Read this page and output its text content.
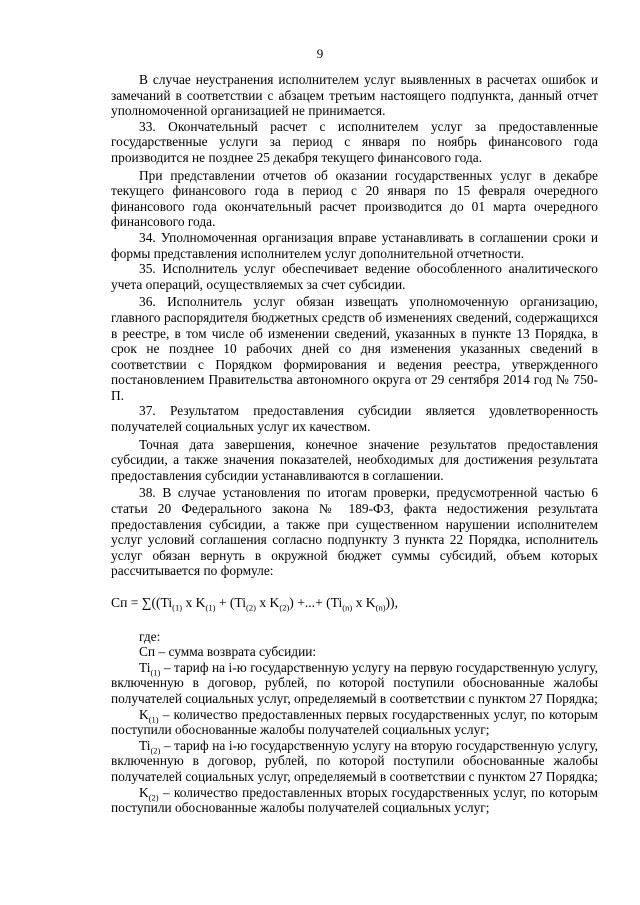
9

В случае неустранения исполнителем услуг выявленных в расчетах ошибок и замечаний в соответствии с абзацем третьим настоящего подпункта, данный отчет уполномоченной организацией не принимается.

33. Окончательный расчет с исполнителем услуг за предоставленные государственные услуги за период с января по ноябрь финансового года производится не позднее 25 декабря текущего финансового года.

При представлении отчетов об оказании государственных услуг в декабре текущего финансового года в период с 20 января по 15 февраля очередного финансового года окончательный расчет производится до 01 марта очередного финансового года.

34. Уполномоченная организация вправе устанавливать в соглашении сроки и формы представления исполнителем услуг дополнительной отчетности.

35. Исполнитель услуг обеспечивает ведение обособленного аналитического учета операций, осуществляемых за счет субсидии.

36. Исполнитель услуг обязан извещать уполномоченную организацию, главного распорядителя бюджетных средств об изменениях сведений, содержащихся в реестре, в том числе об изменении сведений, указанных в пункте 13 Порядка, в срок не позднее 10 рабочих дней со дня изменения указанных сведений в соответствии с Порядком формирования и ведения реестра, утвержденного постановлением Правительства автономного округа от 29 сентября 2014 год № 750-П.

37. Результатом предоставления субсидии является удовлетворенность получателей социальных услуг их качеством.

Точная дата завершения, конечное значение результатов предоставления субсидии, а также значения показателей, необходимых для достижения результата предоставления субсидии устанавливаются в соглашении.

38. В случае установления по итогам проверки, предусмотренной частью 6 статьи 20 Федерального закона № 189-ФЗ, факта недостижения результата предоставления субсидии, а также при существенном нарушении исполнителем услуг условий соглашения согласно подпункту 3 пункта 22 Порядка, исполнитель услуг обязан вернуть в окружной бюджет суммы субсидий, объем которых рассчитывается по формуле:

Сп = $\sum((Ti_{(1)}$ x $K_{(1)} + (Ti_{(2)}$ x $K_{(2)}$) +...+ ($Ti_{(n)}$ x $K_{(n)}$)),

где:

Сп – сумма возврата субсидии:

$Ti_{(1)}$ – тариф на i-ю государственную услугу на первую государственную услугу, включенную в договор, рублей, по которой поступили обоснованные жалобы получателей социальных услуг, определяемый в соответствии с пунктом 27 Порядка;

$K_{(1)}$ – количество предоставленных первых государственных услуг, по которым поступили обоснованные жалобы получателей социальных услуг;

$Ti_{(2)}$ – тариф на i-ю государственную услугу на вторую государственную услугу, включенную в договор, рублей, по которой поступили обоснованные жалобы получателей социальных услуг, определяемый в соответствии с пунктом 27 Порядка;

$K_{(2)}$ – количество предоставленных вторых государственных услуг, по которым поступили обоснованные жалобы получателей социальных услуг;
